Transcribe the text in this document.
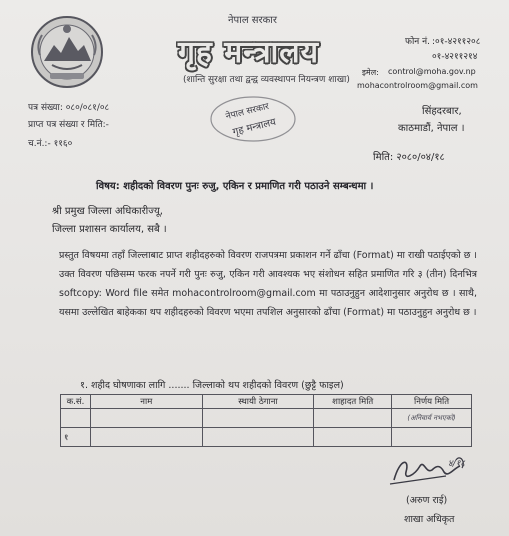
नेपाल सरकार
गृह मन्त्रालय
(शान्ति सुरक्षा तथा द्वन्द्व व्यवस्थापन नियन्त्रण शाखा)
फोन नं. :०१-४२११२०८
०१-४२११२१४
इमेल: control@moha.gov.np
mohacontrolroom@gmail.com
पत्र संख्या: ०८०/०८१/०८
प्राप्त पत्र संख्या र मिति:-
च.नं.:- ११६०
नेपाल सरकार
गृह मन्त्रालय
सिंहदरबार,
काठमाडौं, नेपाल ।
मिति: २०८०/०४/१८
विषय: शहीदको विवरण पुनः रुजु, एकिन र प्रमाणित गरी पठाउने सम्बन्धमा ।
श्री प्रमुख जिल्ला अधिकारीज्यू,
जिल्ला प्रशासन कार्यालय, सबै ।
प्रस्तुत विषयमा तहाँ जिल्लाबाट प्राप्त शहीदहरुको विवरण राजपत्रमा प्रकाशन गर्ने ढाँचा (Format) मा राखी पठाईएको छ । उक्त विवरण पछिसम्म फरक नपर्ने गरी पुनः रुजु, एकिन गरी आवश्यक भए संशोधन सहित प्रमाणित गरि ३ (तीन) दिनभित्र softcopy: Word file समेत mohacontrolroom@gmail.com मा पठाउनुहुन आदेशानुसार अनुरोध छ । साथै, यसमा उल्लेखित बाहेकका थप शहीदहरुको विवरण भएमा तपशिल अनुसारको ढाँचा (Format) मा पठाउनुहुन अनुरोध छ ।
१. शहीद घोषणाका लागि ....... जिल्लाको थप शहीदको विवरण (छुट्टै फाइल)
क.सं.	नाम	स्थायी ठेगाना	शाहादत मिति	निर्णय मिति
				(अनिवार्य नभएको)
१				
४/१८
(अरुण राई)
शाखा अधिकृत
